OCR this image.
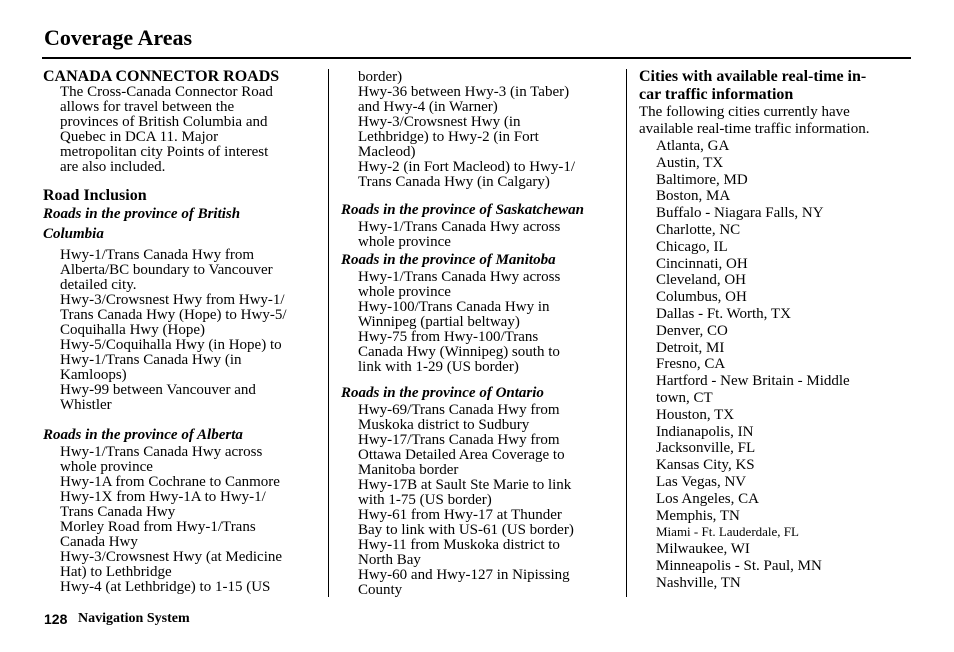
Coverage Areas
CANADA CONNECTOR ROADS
The Cross-Canada Connector Road
allows for travel between the
provinces of British Columbia and
Quebec in DCA 11. Major
metropolitan city Points of interest
are also included.
Road Inclusion
Roads in the province of British
Columbia
Hwy-1/Trans Canada Hwy from
Alberta/BC boundary to Vancouver
detailed city.
Hwy-3/Crowsnest Hwy from Hwy-1/
Trans Canada Hwy (Hope) to Hwy-5/
Coquihalla Hwy (Hope)
Hwy-5/Coquihalla Hwy (in Hope) to
Hwy-1/Trans Canada Hwy (in
Kamloops)
Hwy-99 between Vancouver and
Whistler
Roads in the province of Alberta
Hwy-1/Trans Canada Hwy across
whole province
Hwy-1A from Cochrane to Canmore
Hwy-1X from Hwy-1A to Hwy-1/
Trans Canada Hwy
Morley Road from Hwy-1/Trans
Canada Hwy
Hwy-3/Crowsnest Hwy (at Medicine
Hat) to Lethbridge
Hwy-4 (at Lethbridge) to 1-15 (US
border)
Hwy-36 between Hwy-3 (in Taber)
and Hwy-4 (in Warner)
Hwy-3/Crowsnest Hwy (in
Lethbridge) to Hwy-2 (in Fort
Macleod)
Hwy-2 (in Fort Macleod) to Hwy-1/
Trans Canada Hwy (in Calgary)
Roads in the province of Saskatchewan
Hwy-1/Trans Canada Hwy across
whole province
Roads in the province of Manitoba
Hwy-1/Trans Canada Hwy across
whole province
Hwy-100/Trans Canada Hwy in
Winnipeg (partial beltway)
Hwy-75 from Hwy-100/Trans
Canada Hwy (Winnipeg) south to
link with 1-29 (US border)
Roads in the province of Ontario
Hwy-69/Trans Canada Hwy from
Muskoka district to Sudbury
Hwy-17/Trans Canada Hwy from
Ottawa Detailed Area Coverage to
Manitoba border
Hwy-17B at Sault Ste Marie to link
with 1-75 (US border)
Hwy-61 from Hwy-17 at Thunder
Bay to link with US-61 (US border)
Hwy-11 from Muskoka district to
North Bay
Hwy-60 and Hwy-127 in Nipissing
County
Cities with available real-time in-
car traffic information
The following cities currently have
available real-time traffic information.
Atlanta, GA
Austin, TX
Baltimore, MD
Boston, MA
Buffalo - Niagara Falls, NY
Charlotte, NC
Chicago, IL
Cincinnati, OH
Cleveland, OH
Columbus, OH
Dallas - Ft. Worth, TX
Denver, CO
Detroit, MI
Fresno, CA
Hartford - New Britain - Middle
town, CT
Houston, TX
Indianapolis, IN
Jacksonville, FL
Kansas City, KS
Las Vegas, NV
Los Angeles, CA
Memphis, TN
Miami - Ft. Lauderdale, FL
Milwaukee, WI
Minneapolis - St. Paul, MN
Nashville, TN
128 Navigation System
